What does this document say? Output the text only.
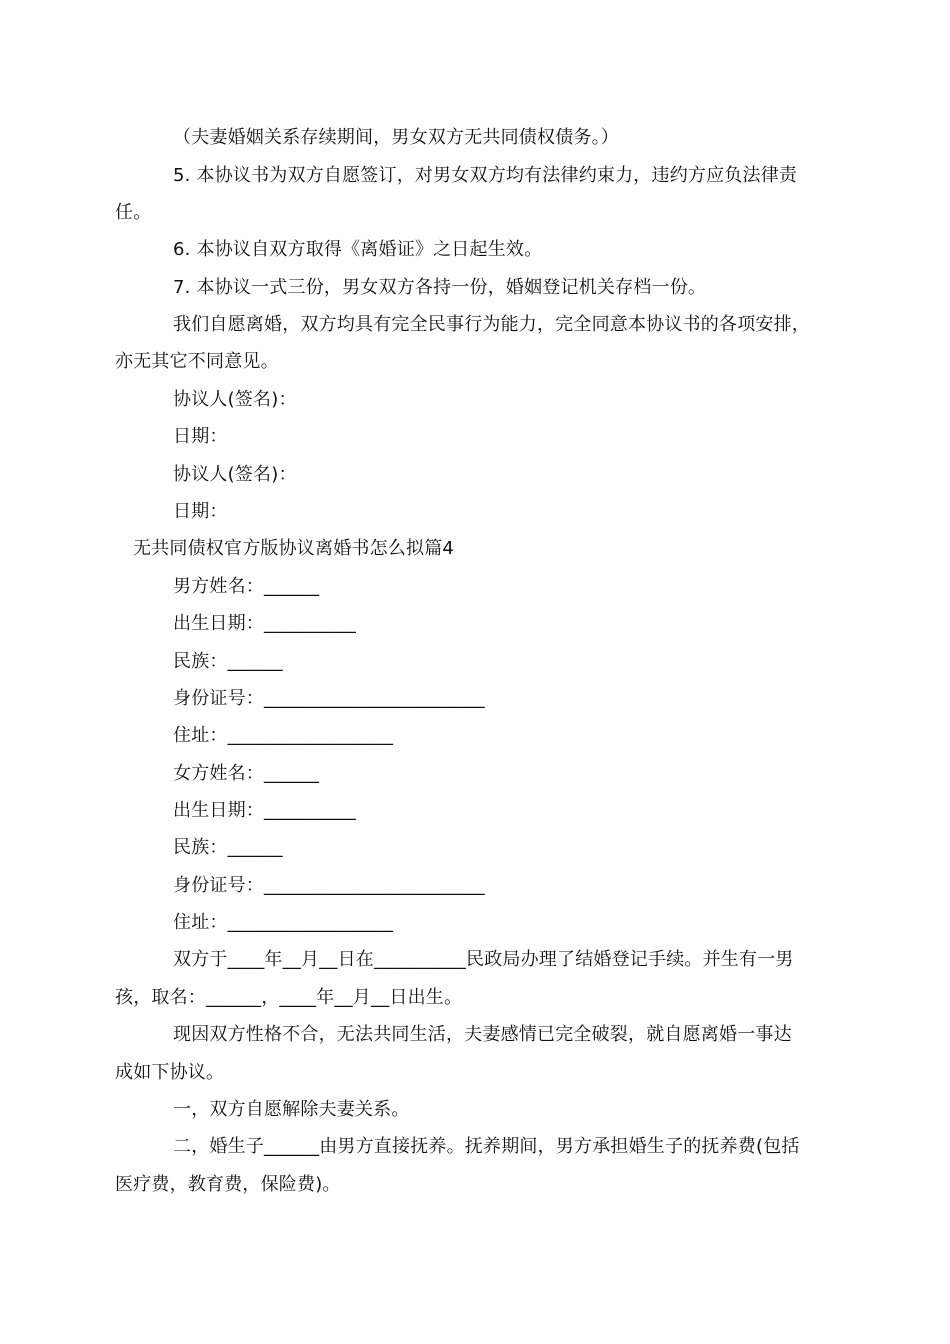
（夫妻婚姻关系存续期间，男女双方无共同债权债务。）
5. 本协议书为双方自愿签订，对男女双方均有法律约束力，违约方应负法律责
任。
6. 本协议自双方取得《离婚证》之日起生效。
7. 本协议一式三份，男女双方各持一份，婚姻登记机关存档一份。
我们自愿离婚，双方均具有完全民事行为能力，完全同意本协议书的各项安排，
亦无其它不同意见。
协议人(签名)：
日期：
协议人(签名)：
日期：
无共同债权官方版协议离婚书怎么拟篇4
男方姓名：______
出生日期：__________
民族：______
身份证号：________________________
住址：__________________
女方姓名：______
出生日期：__________
民族：______
身份证号：________________________
住址：__________________
双方于____年__月__日在__________民政局办理了结婚登记手续。并生有一男
孩，取名：______，____年__月__日出生。
现因双方性格不合，无法共同生活，夫妻感情已完全破裂，就自愿离婚一事达
成如下协议。
一，双方自愿解除夫妻关系。
二，婚生子______由男方直接抚养。抚养期间，男方承担婚生子的抚养费(包括
医疗费，教育费，保险费)。
